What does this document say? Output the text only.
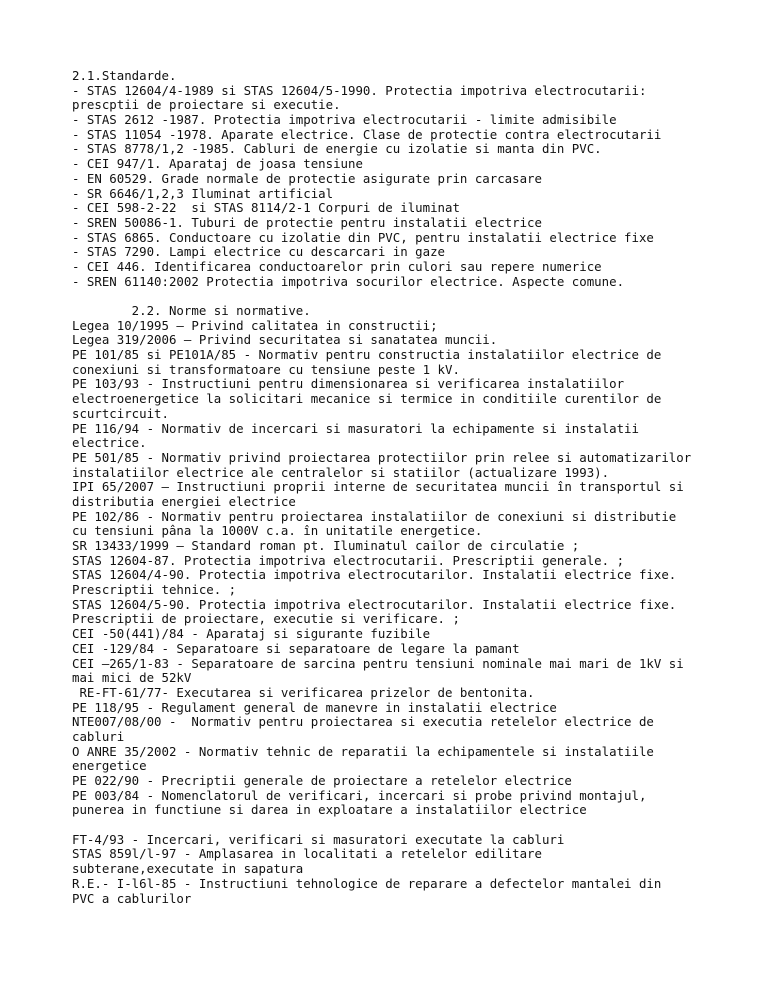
2.1.Standarde.
- STAS 12604/4-1989 si STAS 12604/5-1990. Protectia impotriva electrocutarii:
prescptii de proiectare si executie.
- STAS 2612 -1987. Protectia impotriva electrocutarii - limite admisibile
- STAS 11054 -1978. Aparate electrice. Clase de protectie contra electrocutarii
- STAS 8778/1,2 -1985. Cabluri de energie cu izolatie si manta din PVC.
- CEI 947/1. Aparataj de joasa tensiune
- EN 60529. Grade normale de protectie asigurate prin carcasare
- SR 6646/1,2,3 Iluminat artificial
- CEI 598-2-22  si STAS 8114/2-1 Corpuri de iluminat
- SREN 50086-1. Tuburi de protectie pentru instalatii electrice
- STAS 6865. Conductoare cu izolatie din PVC, pentru instalatii electrice fixe
- STAS 7290. Lampi electrice cu descarcari in gaze
- CEI 446. Identificarea conductoarelor prin culori sau repere numerice
- SREN 61140:2002 Protectia impotriva socurilor electrice. Aspecte comune.
2.2. Norme si normative.
Legea 10/1995 – Privind calitatea in constructii;
Legea 319/2006 – Privind securitatea si sanatatea muncii.
PE 101/85 si PE101A/85 - Normativ pentru constructia instalatiilor electrice de
conexiuni si transformatoare cu tensiune peste 1 kV.
PE 103/93 - Instructiuni pentru dimensionarea si verificarea instalatiilor
electroenergetice la solicitari mecanice si termice in conditiile curentilor de
scurtcircuit.
PE 116/94 - Normativ de incercari si masuratori la echipamente si instalatii
electrice.
PE 501/85 - Normativ privind proiectarea protectiilor prin relee si automatizarilor
instalatiilor electrice ale centralelor si statiilor (actualizare 1993).
IPI 65/2007 – Instructiuni proprii interne de securitatea muncii în transportul si
distributia energiei electrice
PE 102/86 - Normativ pentru proiectarea instalatiilor de conexiuni si distributie
cu tensiuni pâna la 1000V c.a. în unitatile energetice.
SR 13433/1999 – Standard roman pt. Iluminatul cailor de circulatie ;
STAS 12604-87. Protectia impotriva electrocutarii. Prescriptii generale. ;
STAS 12604/4-90. Protectia impotriva electrocutarilor. Instalatii electrice fixe.
Prescriptii tehnice. ;
STAS 12604/5-90. Protectia impotriva electrocutarilor. Instalatii electrice fixe.
Prescriptii de proiectare, executie si verificare. ;
CEI -50(441)/84 - Aparataj si sigurante fuzibile
CEI -129/84 - Separatoare si separatoare de legare la pamant
CEI –265/1-83 - Separatoare de sarcina pentru tensiuni nominale mai mari de 1kV si
mai mici de 52kV
RE-FT-61/77- Executarea si verificarea prizelor de bentonita.
PE 118/95 - Regulament general de manevre in instalatii electrice
NTE007/08/00 -  Normativ pentru proiectarea si executia retelelor electrice de
cabluri
O ANRE 35/2002 - Normativ tehnic de reparatii la echipamentele si instalatiile
energetice
PE 022/90 - Precriptii generale de proiectare a retelelor electrice
PE 003/84 - Nomenclatorul de verificari, incercari si probe privind montajul,
punerea in functiune si darea in exploatare a instalatiilor electrice
FT-4/93 - Incercari, verificari si masuratori executate la cabluri
STAS 859l/l-97 - Amplasarea in localitati a retelelor edilitare
subterane,executate in sapatura
R.E.- I-l6l-85 - Instructiuni tehnologice de reparare a defectelor mantalei din
PVC a cablurilor
